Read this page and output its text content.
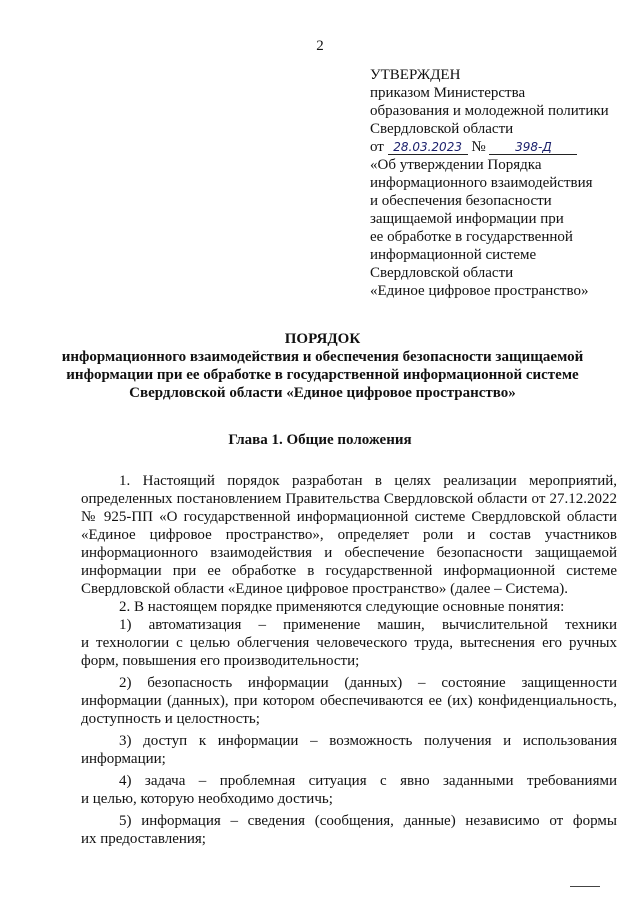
2
УТВЕРЖДЕН
приказом Министерства
образования и молодежной политики
Свердловской области
от 28.03.2023 № 398-Д
«Об утверждении Порядка
информационного взаимодействия
и обеспечения безопасности
защищаемой информации при
ее обработке в государственной
информационной системе
Свердловской области
«Единое цифровое пространство»
ПОРЯДОК
информационного взаимодействия и обеспечения безопасности защищаемой
информации при ее обработке в государственной информационной системе
Свердловской области «Единое цифровое пространство»
Глава 1. Общие положения
1. Настоящий порядок разработан в целях реализации мероприятий, определенных постановлением Правительства Свердловской области от 27.12.2022 № 925-ПП «О государственной информационной системе Свердловской области «Единое цифровое пространство», определяет роли и состав участников информационного взаимодействия и обеспечение безопасности защищаемой информации при ее обработке в государственной информационной системе Свердловской области «Единое цифровое пространство» (далее – Система).
2. В настоящем порядке применяются следующие основные понятия:
1) автоматизация – применение машин, вычислительной техники
и технологии с целью облегчения человеческого труда, вытеснения его ручных форм, повышения его производительности;
2) безопасность информации (данных) – состояние защищенности
информации (данных), при котором обеспечиваются ее (их) конфиденциальность, доступность и целостность;
3) доступ к информации – возможность получения и использования
информации;
4) задача – проблемная ситуация с явно заданными требованиями
и целью, которую необходимо достичь;
5) информация – сведения (сообщения, данные) независимо от формы
их предоставления;
